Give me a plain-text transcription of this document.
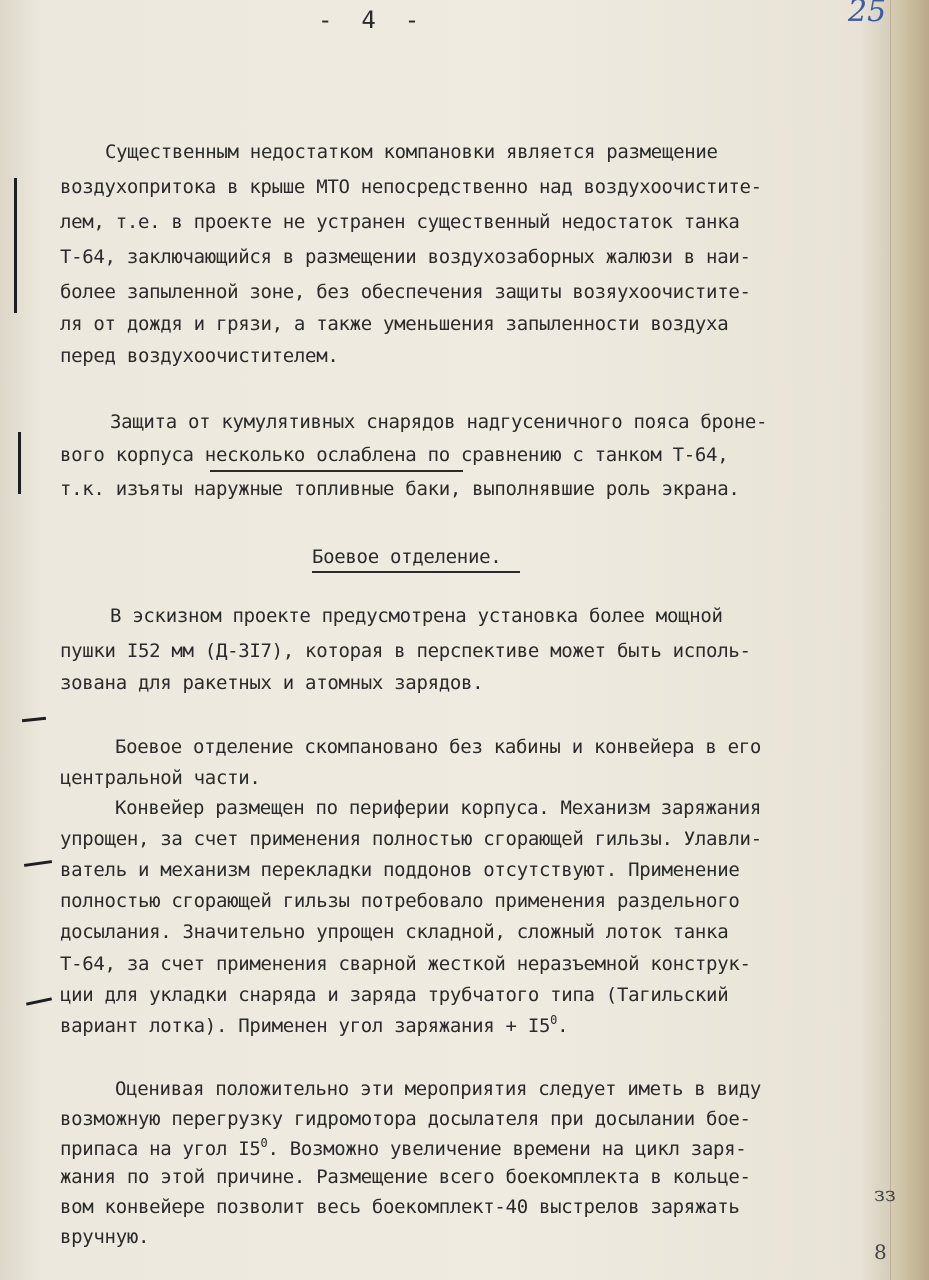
-  4  -	25
Существенным недостатком компановки является размещение
воздухопритока в крыше МТО непосредственно над воздухоочистите-
лем, т.е. в проекте не устранен существенный недостаток танка
Т-64, заключающийся в размещении воздухозаборных жалюзи в наи-
более запыленной зоне, без обеспечения защиты возяухоочистите-
ля от дождя и грязи, а также уменьшения запыленности воздуха
перед воздухоочистителем.
Защита от кумулятивных снарядов надгусеничного пояса броне-
вого корпуса несколько ослаблена по сравнению с танком Т-64,
т.к. изъяты наружные топливные баки, выполнявшие роль экрана.
Боевое отделение.
В эскизном проекте предусмотрена установка более мощной
пушки I52 мм (Д-3I7), которая в перспективе может быть исполь-
зована для ракетных и атомных зарядов.
Боевое отделение скомпановано без кабины и конвейера в его
центральной части.
Конвейер размещен по периферии корпуса. Механизм заряжания
упрощен, за счет применения полностью сгорающей гильзы. Улавли-
ватель и механизм перекладки поддонов отсутствуют. Применение
полностью сгорающей гильзы потребовало применения раздельного
досылания. Значительно упрощен складной, сложный лоток танка
Т-64, за счет применения сварной жесткой неразъемной конструк-
ции для укладки снаряда и заряда трубчатого типа (Тагильский
вариант лотка). Применен угол заряжания + $I5^0$.
Оценивая положительно эти мероприятия следует иметь в виду
возможную перегрузку гидромотора досылателя при досылании бое-
припаса на угол $I5^0$. Возможно увеличение времени на цикл заря-
жания по этой причине. Размещение всего боекомплекта в кольце-
вом конвейере позволит весь боекомплект-40 выстрелов заряжать
вручную.
зз
8
